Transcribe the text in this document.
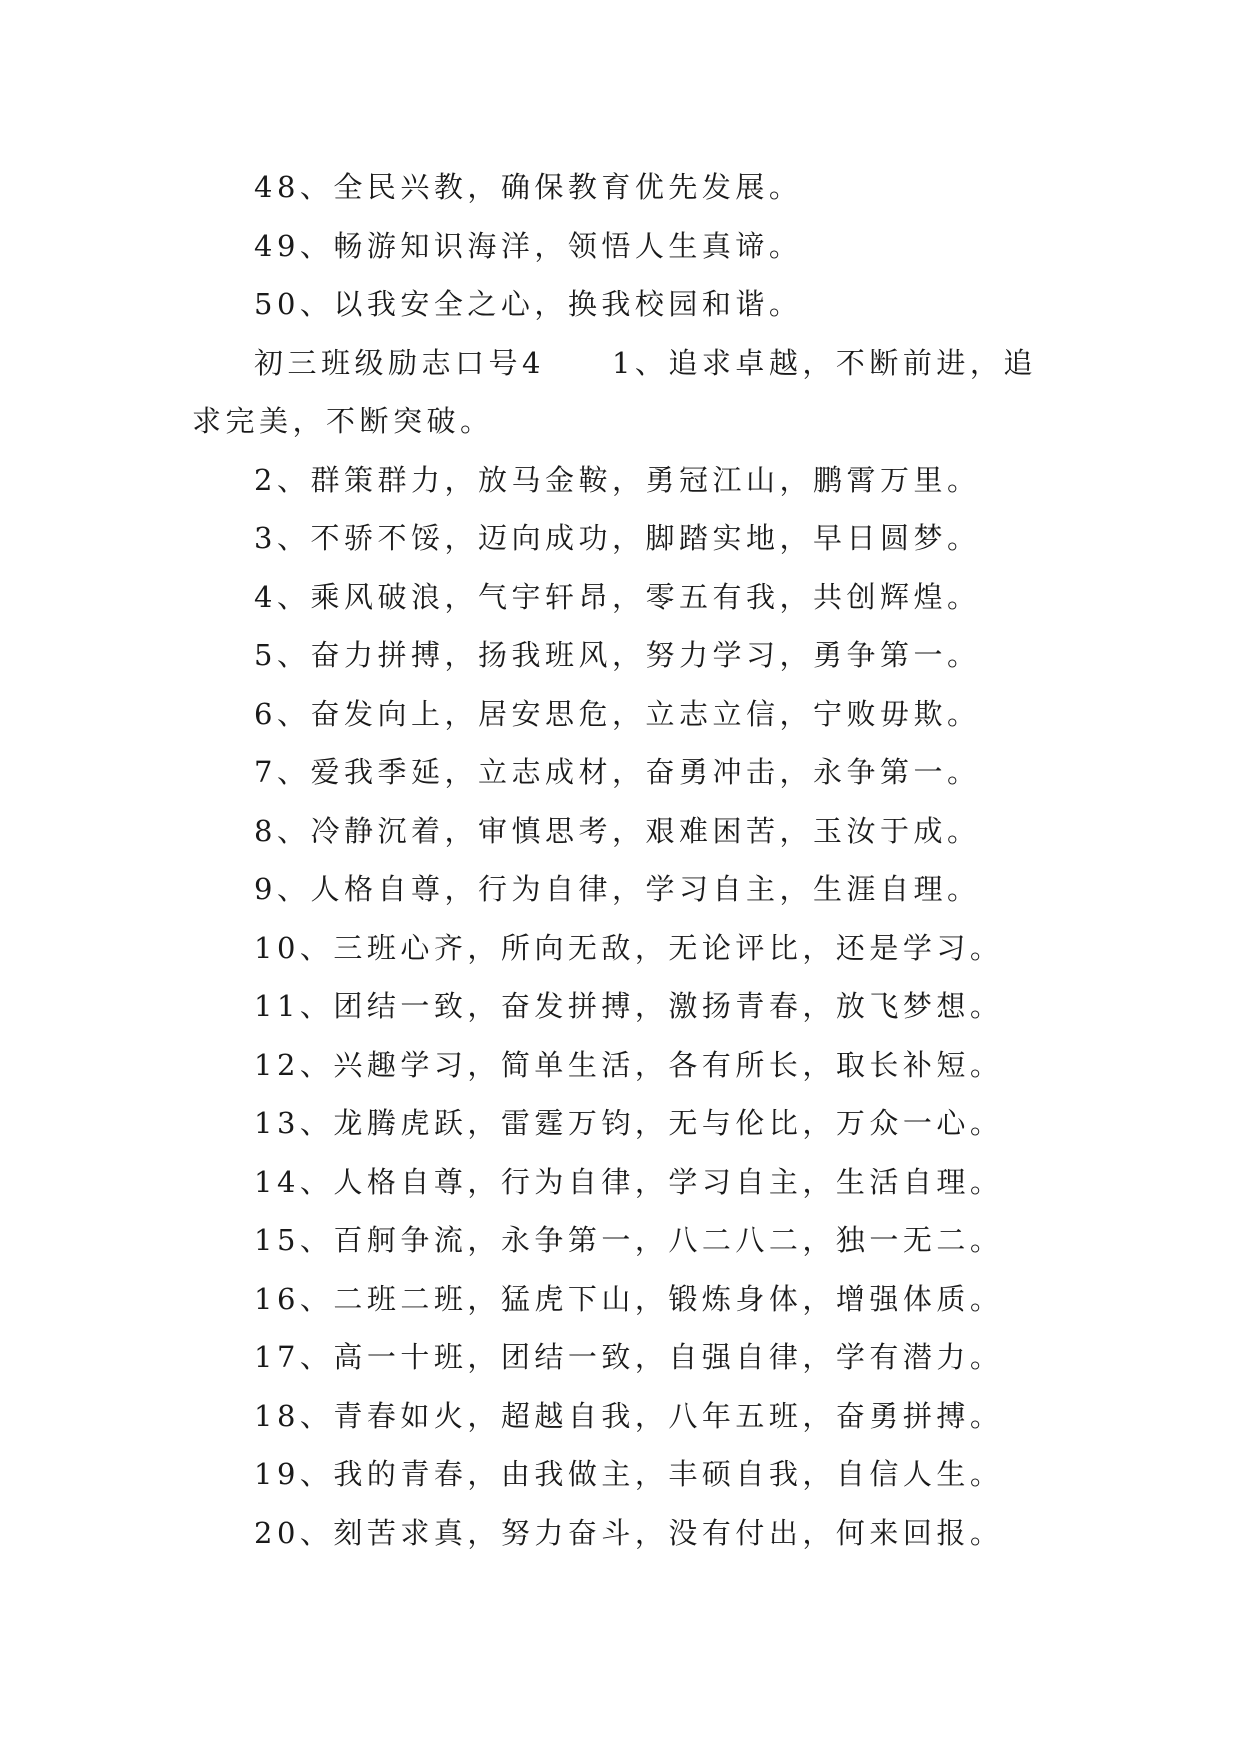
48、全民兴教，确保教育优先发展。

49、畅游知识海洋，领悟人生真谛。

50、以我安全之心，换我校园和谐。

初三班级励志口号4　　1、追求卓越，不断前进，追求完美，不断突破。

2、群策群力，放马金鞍，勇冠江山，鹏霄万里。

3、不骄不馁，迈向成功，脚踏实地，早日圆梦。

4、乘风破浪，气宇轩昂，零五有我，共创辉煌。

5、奋力拼搏，扬我班风，努力学习，勇争第一。

6、奋发向上，居安思危，立志立信，宁败毋欺。

7、爱我季延，立志成材，奋勇冲击，永争第一。

8、冷静沉着，审慎思考，艰难困苦，玉汝于成。

9、人格自尊，行为自律，学习自主，生涯自理。

10、三班心齐，所向无敌，无论评比，还是学习。

11、团结一致，奋发拼搏，激扬青春，放飞梦想。

12、兴趣学习，简单生活，各有所长，取长补短。

13、龙腾虎跃，雷霆万钧，无与伦比，万众一心。

14、人格自尊，行为自律，学习自主，生活自理。

15、百舸争流，永争第一，八二八二，独一无二。

16、二班二班，猛虎下山，锻炼身体，增强体质。

17、高一十班，团结一致，自强自律，学有潜力。

18、青春如火，超越自我，八年五班，奋勇拼搏。

19、我的青春，由我做主，丰硕自我，自信人生。

20、刻苦求真，努力奋斗，没有付出，何来回报。
